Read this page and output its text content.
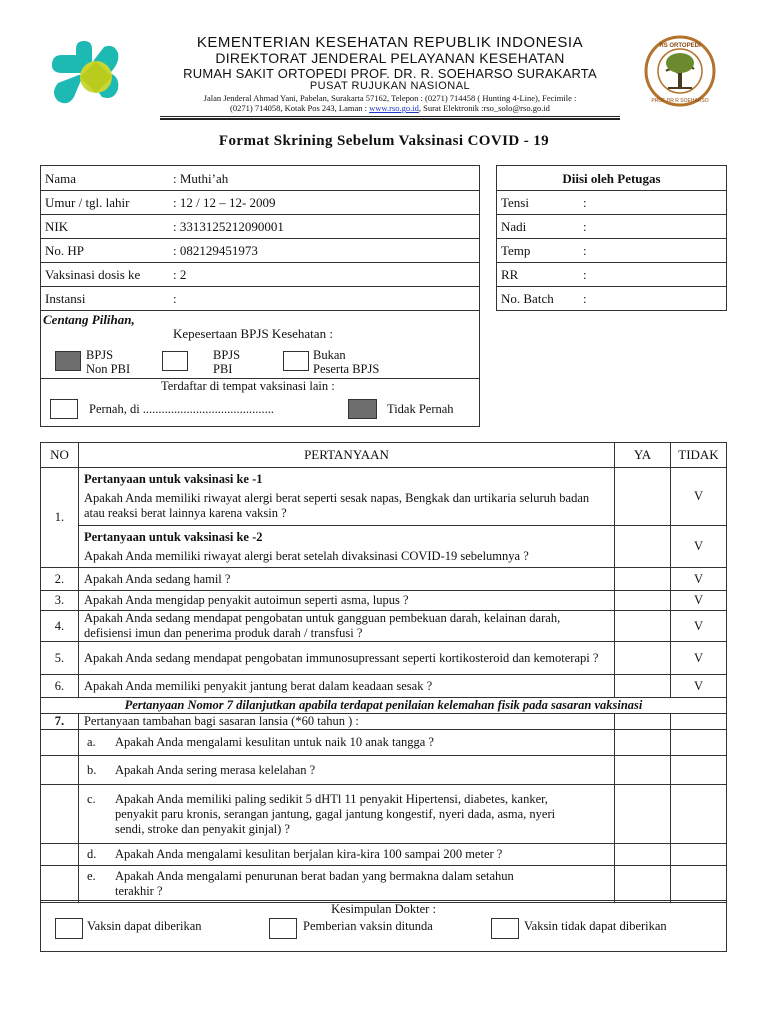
RS ORTOPEDI
PROF DR R SOEHARSO
KEMENTERIAN KESEHATAN REPUBLIK INDONESIA
DIREKTORAT JENDERAL PELAYANAN KESEHATAN
RUMAH SAKIT ORTOPEDI PROF. DR. R. SOEHARSO SURAKARTA
PUSAT RUJUKAN NASIONAL
Jalan Jenderal Ahmad Yani, Pabelan, Surakarta 57162, Telepon : (0271) 714458 ( Hunting 4-Line), Fecimile :
(0271) 714058, Kotak Pos 243, Laman : www.rso.go.id, Surat Elektronik :rso_solo@rso.go.id
Format Skrining Sebelum Vaksinasi COVID - 19
Nama	: Muthi’ah
Umur / tgl. lahir	: 12 / 12 – 12- 2009
NIK	: 3313125212090001
No. HP	: 082129451973
Vaksinasi dosis ke	: 2
Instansi	:
Centang Pilihan,
Kepesertaan BPJS Kesehatan :
BPJS
Non PBI
BPJS
PBI
Bukan
Peserta BPJS
Terdaftar di tempat vaksinasi lain :
Pernah, di ..........................................	Tidak Pernah
Diisi oleh Petugas
Tensi	:
Nadi	:
Temp	:
RR	:
No. Batch :
NO	PERTANYAAN	YA	TIDAK
1.	Pertanyaan untuk vaksinasi ke -1
Apakah Anda memiliki riwayat alergi berat seperti sesak napas, Bengkak dan urtikaria seluruh badan atau reaksi berat lainnya karena vaksin ?		V

	Pertanyaan untuk vaksinasi ke -2
Apakah Anda memiliki riwayat alergi berat setelah divaksinasi COVID-19 sebelumnya ?		V
2.	Apakah Anda sedang hamil ?		V
3.	Apakah Anda mengidap penyakit autoimun seperti asma, lupus ?		V
4.	Apakah Anda sedang mendapat pengobatan untuk gangguan pembekuan darah, kelainan darah, defisiensi imun dan penerima produk darah / transfusi ?		V
5.	Apakah Anda sedang mendapat pengobatan immunosupressant seperti kortikosteroid dan kemoterapi ?		V
6.	Apakah Anda memiliki penyakit jantung berat dalam keadaan sesak ?		V
Pertanyaan Nomor 7 dilanjutkan apabila terdapat penilaian kelemahan fisik pada sasaran vaksinasi			
7.	Pertanyaan tambahan bagi sasaran lansia (*60 tahun ) :		
	a. Apakah Anda mengalami kesulitan untuk naik 10 anak tangga ?		
	b. Apakah Anda sering merasa kelelahan ?		

	c. Apakah Anda memiliki paling sedikit 5 dHTl 11 penyakit Hipertensi, diabetes, kanker, penyakit paru kronis, serangan jantung, gagal jantung kongestif, nyeri dada, asma, nyeri sendi, stroke dan penyakit ginjal) ?		

	d. Apakah Anda mengalami kesulitan berjalan kira-kira 100 sampai 200 meter ?		

	e. Apakah Anda mengalami penurunan berat badan yang bermakna dalam setahun terakhir ?		

Kesimpulan Dokter :
Vaksin dapat diberikan	Pemberian vaksin ditunda	Vaksin tidak dapat diberikan
